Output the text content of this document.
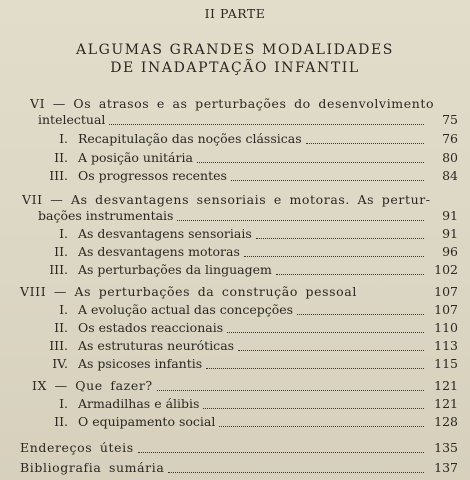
II PARTE
ALGUMAS GRANDES MODALIDADES
DE INADAPTAÇÃO INFANTIL
VI — Os atrasos e as perturbações do desenvolvimento
intelectual	75
I. Recapitulação das noções clássicas	76
II. A posição unitária	80
III. Os progressos recentes	84
VII — As desvantagens sensoriais e motoras. As pertur-
bações instrumentais	91
I. As desvantagens sensoriais	91
II. As desvantagens motoras	96
III. As perturbações da linguagem	102
VIII — As perturbações da construção pessoal	107
I. A evolução actual das concepções	107
II. Os estados reaccionais	110
III. As estruturas neuróticas	113
IV. As psicoses infantis	115
IX — Que fazer?	121
I. Armadilhas e álibis	121
II. O equipamento social	128
Endereços úteis	135
Bibliografia sumária	137
